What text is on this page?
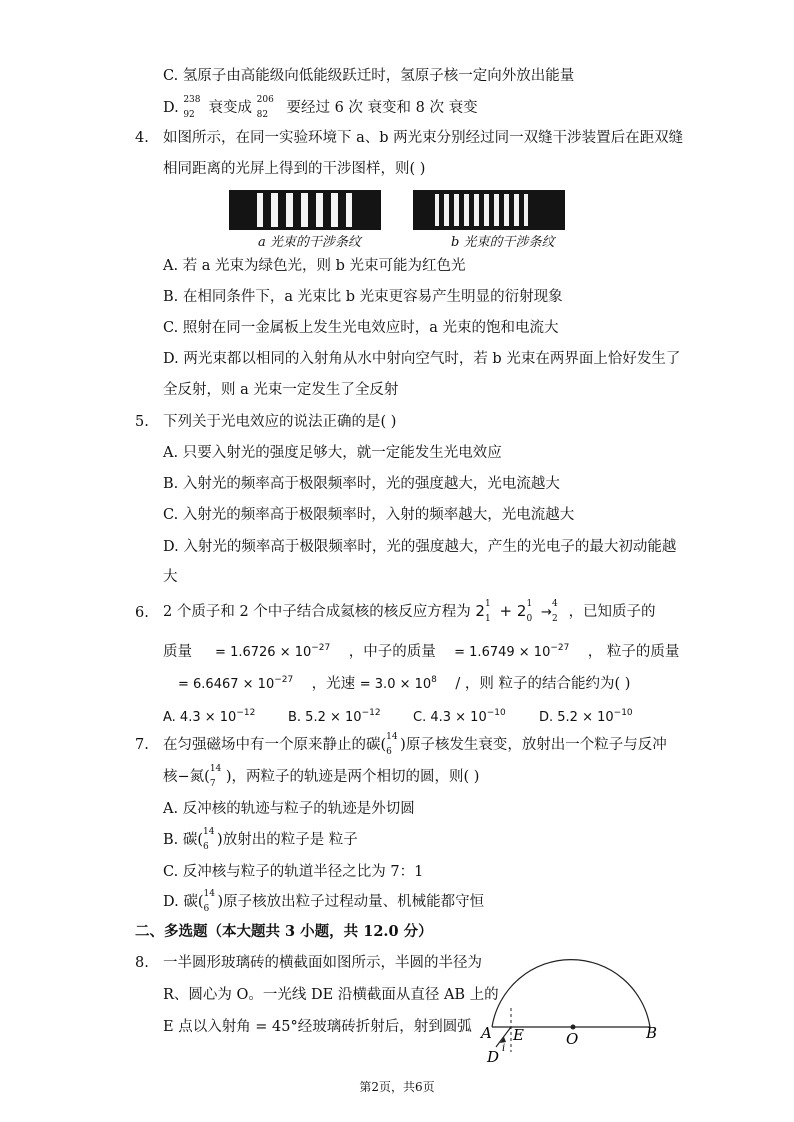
C. 氢原子由高能级向低能级跃迁时，氢原子核一定向外放出能量
D. 238
92 衰变成 206
82 要经过 6 次 衰变和 8 次 衰变
4. 如图所示，在同一实验环境下 a、b 两光束分别经过同一双缝干涉装置后在距双缝
相同距离的光屏上得到的干涉图样，则( )
a 光束的干涉条纹	b 光束的干涉条纹
A. 若 a 光束为绿色光，则 b 光束可能为红色光
B. 在相同条件下，a 光束比 b 光束更容易产生明显的衍射现象
C. 照射在同一金属板上发生光电效应时，a 光束的饱和电流大
D. 两光束都以相同的入射角从水中射向空气时，若 b 光束在两界面上恰好发生了
全反射，则 a 光束一定发生了全反射
5. 下列关于光电效应的说法正确的是( )
A. 只要入射光的强度足够大，就一定能发生光电效应
B. 入射光的频率高于极限频率时，光的强度越大，光电流越大
C. 入射光的频率高于极限频率时，入射的频率越大，光电流越大
D. 入射光的频率高于极限频率时，光的强度越大，产生的光电子的最大初动能越
大
6. 2 个质子和 2 个中子结合成氦核的核反应方程为 2 1
1 + 2 1
0 →
4
2 ，已知质子的
质量 = $1.6726 \times 10^{-27}$ ，中子的质量 = $1.6749 \times 10^{-27}$ ， 粒子的质量
= $6.6467 \times 10^{-27}$ ，光速 = $3.0 \times 10^8$ / ，则 粒子的结合能约为( )
A. $4.3 \times 10^{-12}$	B. $5.2 \times 10^{-12}$ C. $4.3 \times 10^{-10}$	D. $5.2 \times 10^{-10}$
7. 在匀强磁场中有一个原来静止的碳( 14
6 )原子核发生衰变，放射出一个粒子与反冲
核−氮( 14
7 )，两粒子的轨迹是两个相切的圆，则( )
A. 反冲核的轨迹与粒子的轨迹是外切圆
B. 碳( 14
6 )放射出的粒子是 粒子
C. 反冲核与粒子的轨道半径之比为 7：1
D. 碳( 14
6 )原子核放出粒子过程动量、机械能都守恒
二、多选题（本大题共 3 小题，共 12.0 分）
8. 一半圆形玻璃砖的横截面如图所示，半圆的半径为
R、圆心为 O。一光线 DE 沿横截面从直径 AB 上的
E 点以入射角 = 45°经玻璃砖折射后，射到圆弧 A E	O	B
D i
第2页，共6页
